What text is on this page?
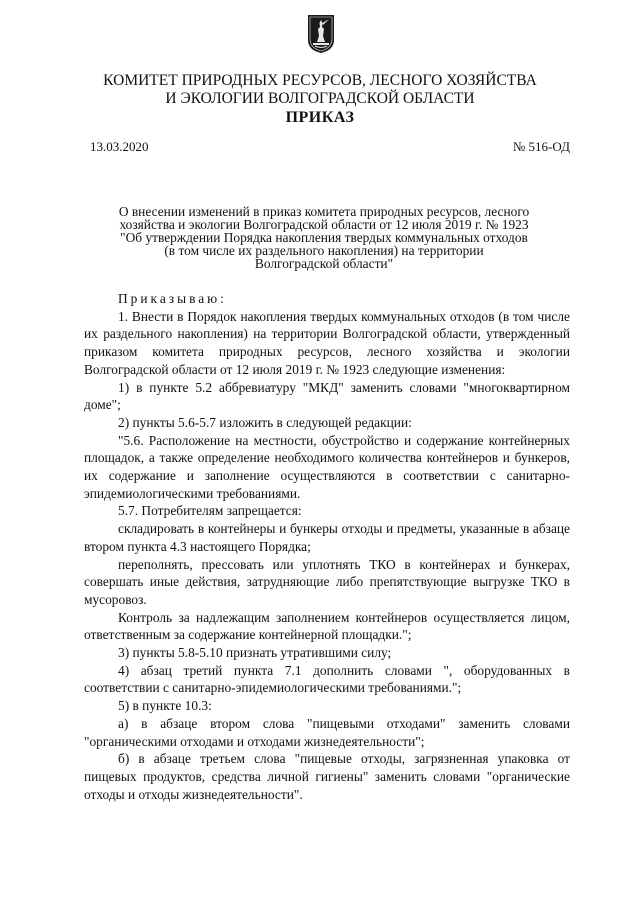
КОМИТЕТ ПРИРОДНЫХ РЕСУРСОВ, ЛЕСНОГО ХОЗЯЙСТВА
И ЭКОЛОГИИ ВОЛГОГРАДСКОЙ ОБЛАСТИ
ПРИКАЗ
13.03.2020	№ 516-ОД
О внесении изменений в приказ комитета природных ресурсов, лесного
хозяйства и экологии Волгоградской области от 12 июля 2019 г. № 1923
"Об утверждении Порядка накопления твердых коммунальных отходов
(в том числе их раздельного накопления) на территории
Волгоградской области"

Приказываю:

1. Внести в Порядок накопления твердых коммунальных отходов (в том числе их раздельного накопления) на территории Волгоградской области, утвержденный приказом комитета природных ресурсов, лесного хозяйства и экологии Волгоградской области от 12 июля 2019 г. № 1923 следующие изменения:

1) в пункте 5.2 аббревиатуру "МКД" заменить словами "многоквартирном доме";

2) пункты 5.6-5.7 изложить в следующей редакции:

"5.6. Расположение на местности, обустройство и содержание контейнерных площадок, а также определение необходимого количества контейнеров и бункеров, их содержание и заполнение осуществляются в соответствии с санитарно-эпидемиологическими требованиями.

5.7. Потребителям запрещается:

складировать в контейнеры и бункеры отходы и предметы, указанные в абзаце втором пункта 4.3 настоящего Порядка;

переполнять, прессовать или уплотнять ТКО в контейнерах и бункерах, совершать иные действия, затрудняющие либо препятствующие выгрузке ТКО в мусоровоз.

Контроль за надлежащим заполнением контейнеров осуществляется лицом, ответственным за содержание контейнерной площадки.";

3) пункты 5.8-5.10 признать утратившими силу;

4) абзац третий пункта 7.1 дополнить словами ", оборудованных в соответствии с санитарно-эпидемиологическими требованиями.";

5) в пункте 10.3:

а) в абзаце втором слова "пищевыми отходами" заменить словами "органическими отходами и отходами жизнедеятельности";

б) в абзаце третьем слова "пищевые отходы, загрязненная упаковка от пищевых продуктов, средства личной гигиены" заменить словами "органические отходы и отходы жизнедеятельности".
